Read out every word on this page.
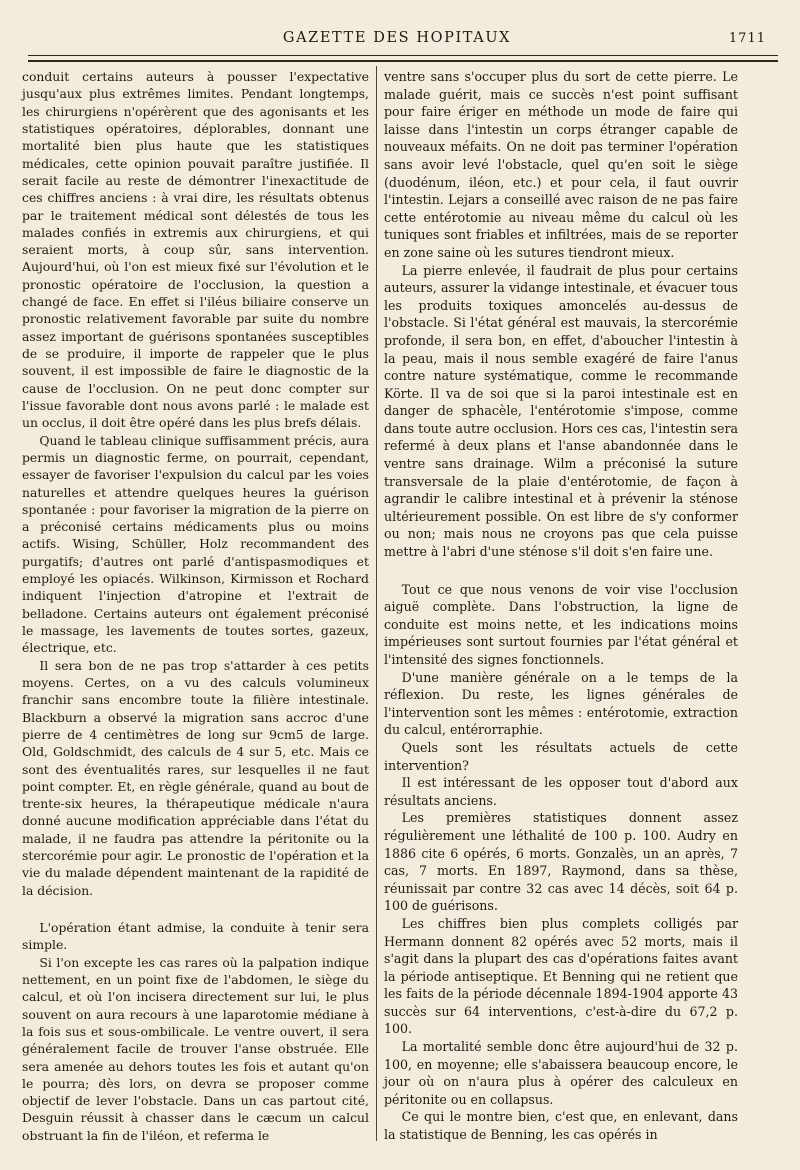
GAZETTE DES HOPITAUX	1711

conduit certains auteurs à pousser l'expectative jusqu'aux plus extrêmes limites. Pendant longtemps, les chirurgiens n'opérèrent que des agonisants et les statistiques opératoires, déplorables, donnant une mortalité bien plus haute que les statistiques médicales, cette opinion pouvait paraître justifiée. Il serait facile au reste de démontrer l'inexactitude de ces chiffres anciens : à vrai dire, les résultats obtenus par le traitement médical sont délestés de tous les malades confiés in extremis aux chirurgiens, et qui seraient morts, à coup sûr, sans intervention. Aujourd'hui, où l'on est mieux fixé sur l'évolution et le pronostic opératoire de l'occlusion, la question a changé de face. En effet si l'iléus biliaire conserve un pronostic relativement favorable par suite du nombre assez important de guérisons spontanées susceptibles de se produire, il importe de rappeler que le plus souvent, il est impossible de faire le diagnostic de la cause de l'occlusion. On ne peut donc compter sur l'issue favorable dont nous avons parlé : le malade est un occlus, il doit être opéré dans les plus brefs délais.

Quand le tableau clinique suffisamment précis, aura permis un diagnostic ferme, on pourrait, cependant, essayer de favoriser l'expulsion du calcul par les voies naturelles et attendre quelques heures la guérison spontanée : pour favoriser la migration de la pierre on a préconisé certains médicaments plus ou moins actifs. Wising, Schüller, Holz recommandent des purgatifs; d'autres ont parlé d'antispasmodiques et employé les opiacés. Wilkinson, Kirmisson et Rochard indiquent l'injection d'atropine et l'extrait de belladone. Certains auteurs ont également préconisé le massage, les lavements de toutes sortes, gazeux, électrique, etc.

Il sera bon de ne pas trop s'attarder à ces petits moyens. Certes, on a vu des calculs volumineux franchir sans encombre toute la filière intestinale. Blackburn a observé la migration sans accroc d'une pierre de 4 centimètres de long sur 9cm5 de large. Old, Goldschmidt, des calculs de 4 sur 5, etc. Mais ce sont des éventualités rares, sur lesquelles il ne faut point compter. Et, en règle générale, quand au bout de trente-six heures, la thérapeutique médicale n'aura donné aucune modification appréciable dans l'état du malade, il ne faudra pas attendre la péritonite ou la stercorémie pour agir. Le pronostic de l'opération et la vie du malade dépendent maintenant de la rapidité de la décision.

L'opération étant admise, la conduite à tenir sera simple.

Si l'on excepte les cas rares où la palpation indique nettement, en un point fixe de l'abdomen, le siège du calcul, et où l'on incisera directement sur lui, le plus souvent on aura recours à une laparotomie médiane à la fois sus et sous-ombilicale. Le ventre ouvert, il sera généralement facile de trouver l'anse obstruée. Elle sera amenée au dehors toutes les fois et autant qu'on le pourra; dès lors, on devra se proposer comme objectif de lever l'obstacle. Dans un cas partout cité, Desguin réussit à chasser dans le cæcum un calcul obstruant la fin de l'iléon, et referma le

ventre sans s'occuper plus du sort de cette pierre. Le malade guérit, mais ce succès n'est point suffisant pour faire ériger en méthode un mode de faire qui laisse dans l'intestin un corps étranger capable de nouveaux méfaits. On ne doit pas terminer l'opération sans avoir levé l'obstacle, quel qu'en soit le siège (duodénum, iléon, etc.) et pour cela, il faut ouvrir l'intestin. Lejars a conseillé avec raison de ne pas faire cette entérotomie au niveau même du calcul où les tuniques sont friables et infiltrées, mais de se reporter en zone saine où les sutures tiendront mieux.

La pierre enlevée, il faudrait de plus pour certains auteurs, assurer la vidange intestinale, et évacuer tous les produits toxiques amoncelés au-dessus de l'obstacle. Si l'état général est mauvais, la stercorémie profonde, il sera bon, en effet, d'aboucher l'intestin à la peau, mais il nous semble exagéré de faire l'anus contre nature systématique, comme le recommande Körte. Il va de soi que si la paroi intestinale est en danger de sphacèle, l'entérotomie s'impose, comme dans toute autre occlusion. Hors ces cas, l'intestin sera refermé à deux plans et l'anse abandonnée dans le ventre sans drainage. Wilm a préconisé la suture transversale de la plaie d'entérotomie, de façon à agrandir le calibre intestinal et à prévenir la sténose ultérieurement possible. On est libre de s'y conformer ou non; mais nous ne croyons pas que cela puisse mettre à l'abri d'une sténose s'il doit s'en faire une.

Tout ce que nous venons de voir vise l'occlusion aiguë complète. Dans l'obstruction, la ligne de conduite est moins nette, et les indications moins impérieuses sont surtout fournies par l'état général et l'intensité des signes fonctionnels.

D'une manière générale on a le temps de la réflexion. Du reste, les lignes générales de l'intervention sont les mêmes : entérotomie, extraction du calcul, entérorraphie.

Quels sont les résultats actuels de cette intervention?

Il est intéressant de les opposer tout d'abord aux résultats anciens.

Les premières statistiques donnent assez régulièrement une léthalité de 100 p. 100. Audry en 1886 cite 6 opérés, 6 morts. Gonzalès, un an après, 7 cas, 7 morts. En 1897, Raymond, dans sa thèse, réunissait par contre 32 cas avec 14 décès, soit 64 p. 100 de guérisons.

Les chiffres bien plus complets colligés par Hermann donnent 82 opérés avec 52 morts, mais il s'agit dans la plupart des cas d'opérations faites avant la période antiseptique. Et Benning qui ne retient que les faits de la période décennale 1894-1904 apporte 43 succès sur 64 interventions, c'est-à-dire du 67,2 p. 100.

La mortalité semble donc être aujourd'hui de 32 p. 100, en moyenne; elle s'abaissera beaucoup encore, le jour où on n'aura plus à opérer des calculeux en péritonite ou en collapsus.

Ce qui le montre bien, c'est que, en enlevant, dans la statistique de Benning, les cas opérés in
